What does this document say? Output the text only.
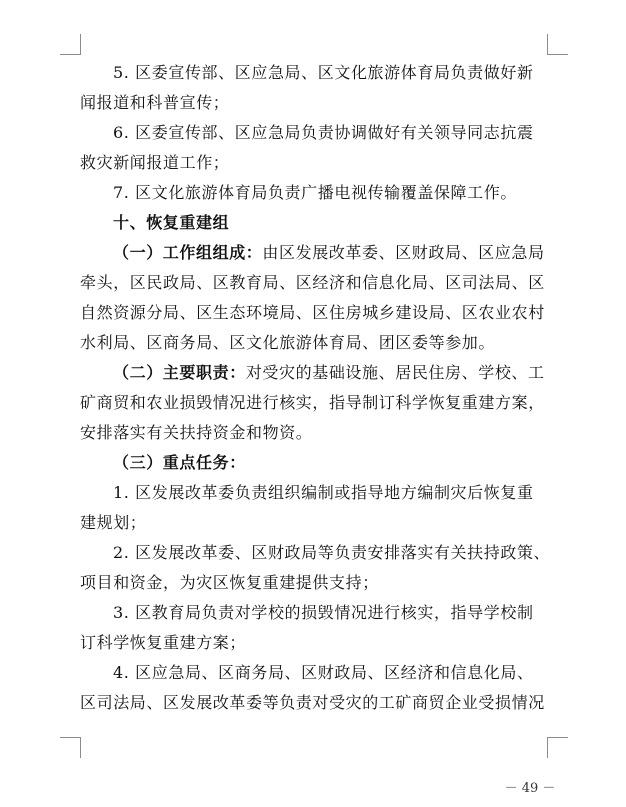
5. 区委宣传部、区应急局、区文化旅游体育局负责做好新
闻报道和科普宣传；
6. 区委宣传部、区应急局负责协调做好有关领导同志抗震
救灾新闻报道工作；
7. 区文化旅游体育局负责广播电视传输覆盖保障工作。
十、恢复重建组
（一）工作组组成：由区发展改革委、区财政局、区应急局
牵头，区民政局、区教育局、区经济和信息化局、区司法局、区
自然资源分局、区生态环境局、区住房城乡建设局、区农业农村
水利局、区商务局、区文化旅游体育局、团区委等参加。
（二）主要职责：对受灾的基础设施、居民住房、学校、工
矿商贸和农业损毁情况进行核实，指导制订科学恢复重建方案，
安排落实有关扶持资金和物资。
（三）重点任务：
1. 区发展改革委负责组织编制或指导地方编制灾后恢复重
建规划；
2. 区发展改革委、区财政局等负责安排落实有关扶持政策、
项目和资金，为灾区恢复重建提供支持；
3. 区教育局负责对学校的损毁情况进行核实，指导学校制
订科学恢复重建方案；
4. 区应急局、区商务局、区财政局、区经济和信息化局、
区司法局、区发展改革委等负责对受灾的工矿商贸企业受损情况
－ 49 －
